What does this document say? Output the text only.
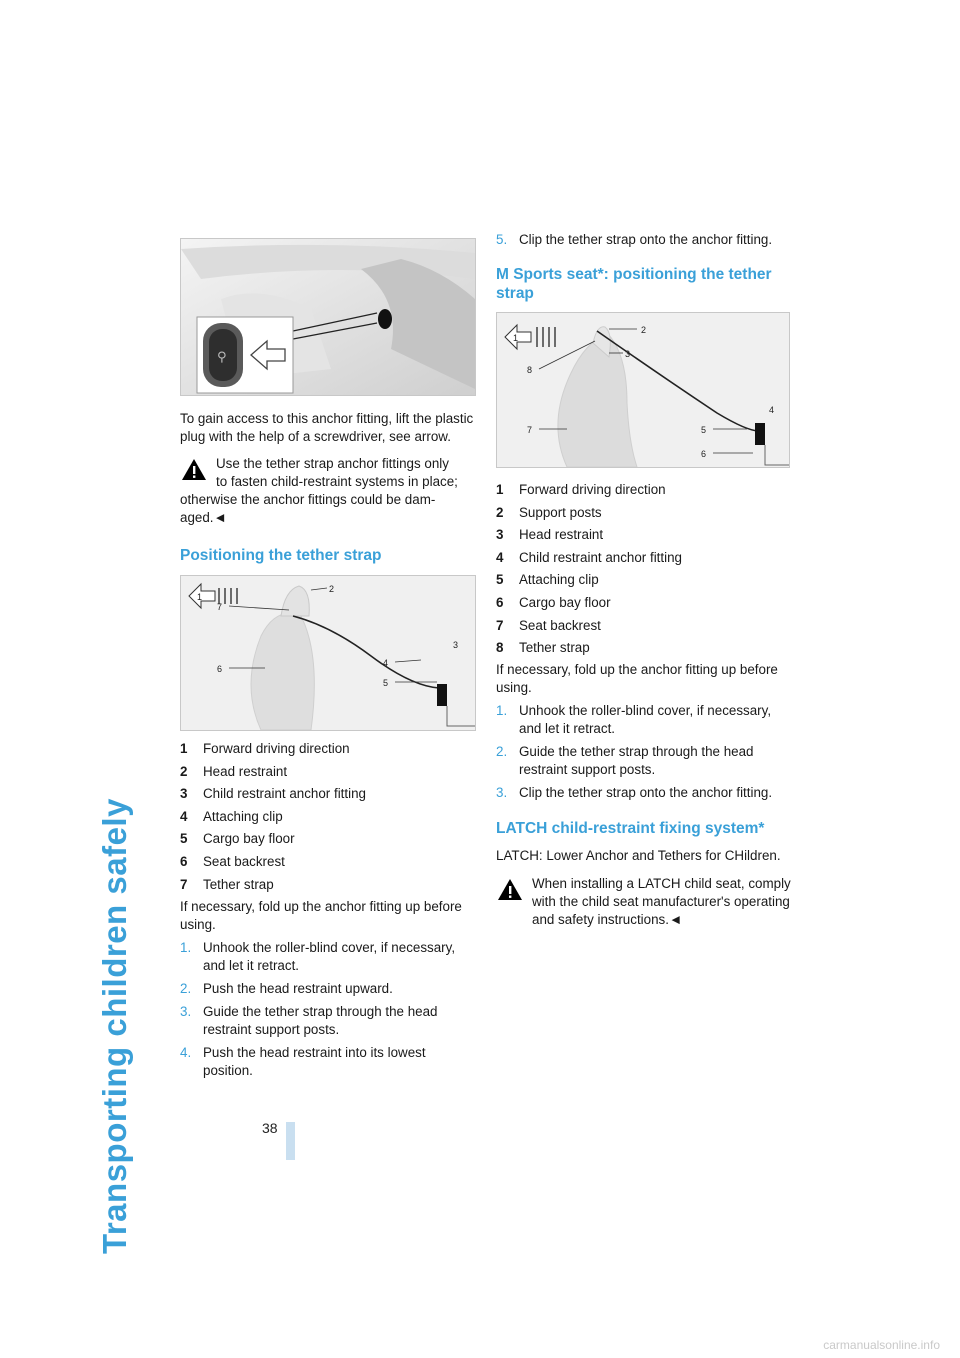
Transporting children safely	38
⚲

To gain access to this anchor fitting, lift the plastic plug with the help of a screwdriver, see arrow.

Use the tether strap anchor fittings only
to fasten child-restraint systems in place;
otherwise the anchor fittings could be dam-
aged.◄
Positioning the tether strap
1
2
7
6
3
4
5
1 Forward driving direction
2 Head restraint
3 Child restraint anchor fitting
4 Attaching clip
5 Cargo bay floor
6 Seat backrest
7 Tether strap

If necessary, fold up the anchor fitting up before using.

1. Unhook the roller-blind cover, if necessary, and let it retract.
2. Push the head restraint upward.
3. Guide the tether strap through the head restraint support posts.
4. Push the head restraint into its lowest position.
5. Clip the tether strap onto the anchor fitting.
M Sports seat*: positioning the tether strap
1
2
3
8
7
4
5
6
1 Forward driving direction
2 Support posts
3 Head restraint
4 Child restraint anchor fitting
5 Attaching clip
6 Cargo bay floor
7 Seat backrest
8 Tether strap

If necessary, fold up the anchor fitting up before using.

1. Unhook the roller-blind cover, if necessary, and let it retract.
2. Guide the tether strap through the head restraint support posts.
3. Clip the tether strap onto the anchor fitting.
LATCH child-restraint fixing system*

LATCH: Lower Anchor and Tethers for CHildren.

When installing a LATCH child seat, comply with the child seat manufacturer's operating and safety instructions.◄
carmanualsonline.info
